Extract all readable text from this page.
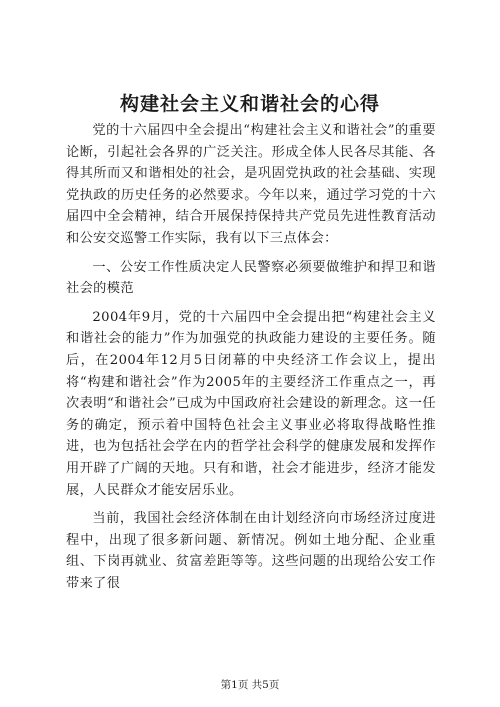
构建社会主义和谐社会的心得

党的十六届四中全会提出“构建社会主义和谐社会”的重要论断，引起社会各界的广泛关注。形成全体人民各尽其能、各得其所而又和谐相处的社会，是巩固党执政的社会基础、实现党执政的历史任务的必然要求。今年以来，通过学习党的十六届四中全会精神，结合开展保持保持共产党员先进性教育活动和公安交巡警工作实际，我有以下三点体会：

一、公安工作性质决定人民警察必须要做维护和捍卫和谐社会的模范

2004年9月，党的十六届四中全会提出把“构建社会主义和谐社会的能力”作为加强党的执政能力建设的主要任务。随后，在2004年12月5日闭幕的中央经济工作会议上，提出将“构建和谐社会”作为2005年的主要经济工作重点之一，再次表明“和谐社会”已成为中国政府社会建设的新理念。这一任务的确定，预示着中国特色社会主义事业必将取得战略性推进，也为包括社会学在内的哲学社会科学的健康发展和发挥作用开辟了广阔的天地。只有和谐，社会才能进步，经济才能发展，人民群众才能安居乐业。

当前，我国社会经济体制在由计划经济向市场经济过度进程中，出现了很多新问题、新情况。例如土地分配、企业重组、下岗再就业、贫富差距等等。这些问题的出现给公安工作带来了很

第1页 共5页
